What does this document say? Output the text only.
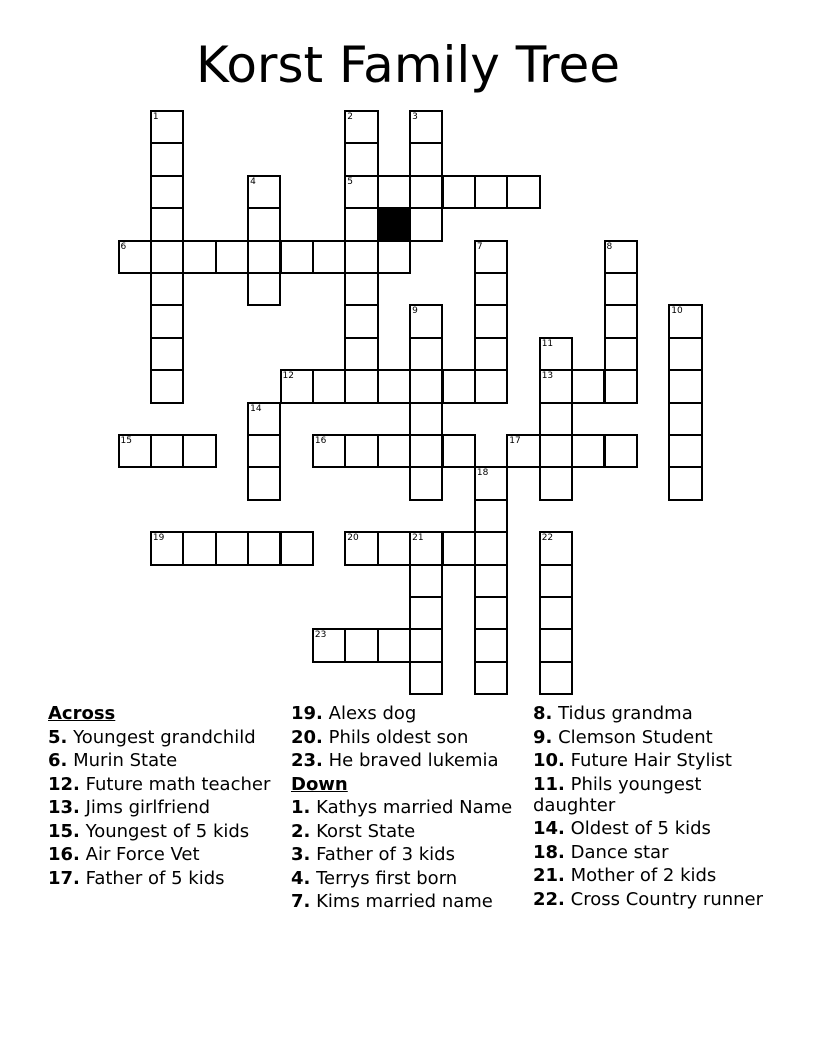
Korst Family Tree
1	2	3
4	5
6	7	8
9	10
11
12	13
14
15	16	17
18
19	20	21	22
23
Across
5. Youngest grandchild
6. Murin State
12. Future math teacher
13. Jims girlfriend
15. Youngest of 5 kids
16. Air Force Vet
17. Father of 5 kids
19. Alexs dog
20. Phils oldest son
23. He braved lukemia
Down
1. Kathys married Name
2. Korst State
3. Father of 3 kids
4. Terrys first born
7. Kims married name
8. Tidus grandma
9. Clemson Student
10. Future Hair Stylist
11. Phils youngest daughter
14. Oldest of 5 kids
18. Dance star
21. Mother of 2 kids
22. Cross Country runner
